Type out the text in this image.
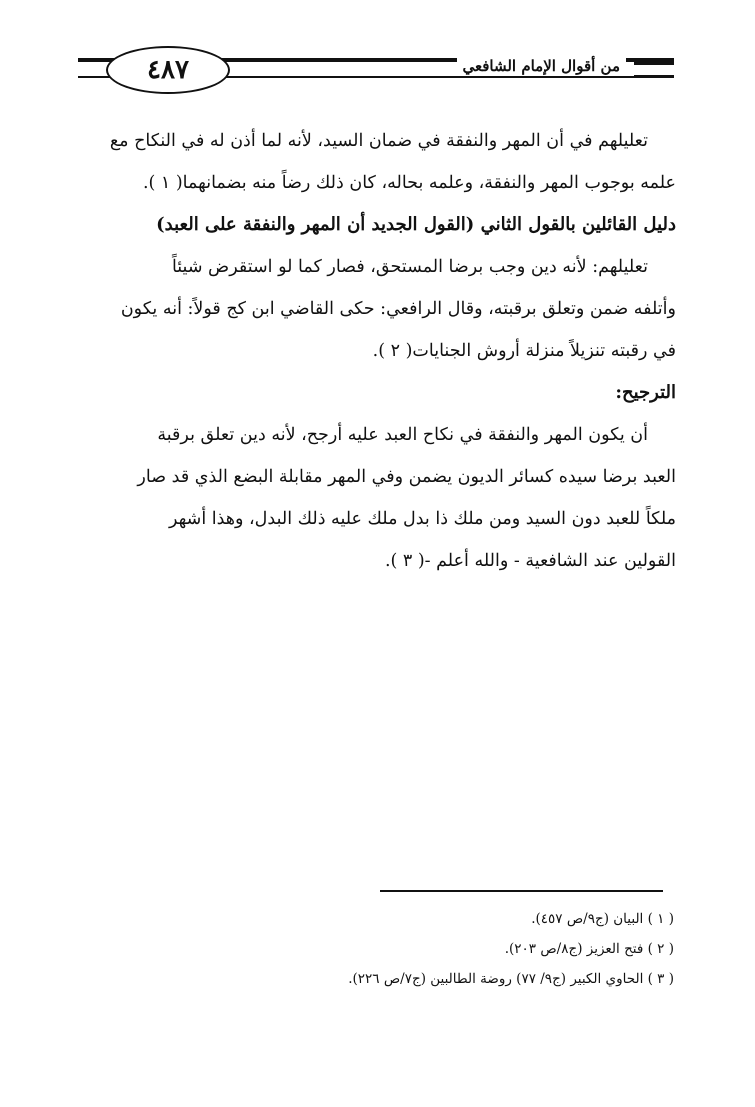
٤٨٧	من أقوال الإمام الشافعي

تعليلهم في أن المهر والنفقة في ضمان السيد، لأنه لما أذن له في النكاح مع

علمه بوجوب المهر والنفقة، وعلمه بحاله، كان ذلك رضاً منه بضمانهما( ١ ).

دليل القائلين بالقول الثاني (القول الجديد أن المهر والنفقة على العبد)

تعليلهم: لأنه دين وجب برضا المستحق، فصار كما لو استقرض شيئاً

وأتلفه ضمن وتعلق برقبته، وقال الرافعي: حكى القاضي ابن كج قولاً: أنه يكون

في رقبته تنزيلاً منزلة أروش الجنايات( ٢ ).

الترجيح:

أن يكون المهر والنفقة في نكاح العبد عليه أرجح، لأنه دين تعلق برقبة

العبد برضا سيده كسائر الديون يضمن وفي المهر مقابلة البضع الذي قد صار

ملكاً للعبد دون السيد ومن ملك ذا بدل ملك عليه ذلك البدل، وهذا أشهر

القولين عند الشافعية - والله أعلم -( ٣ ).

( ١ ) البيان (ج٩/ص ٤٥٧).

( ٢ ) فتح العزيز (ج٨/ص ٢٠٣).

( ٣ ) الحاوي الكبير (ج٩/ ٧٧) روضة الطالبين (ج٧/ص ٢٢٦).
